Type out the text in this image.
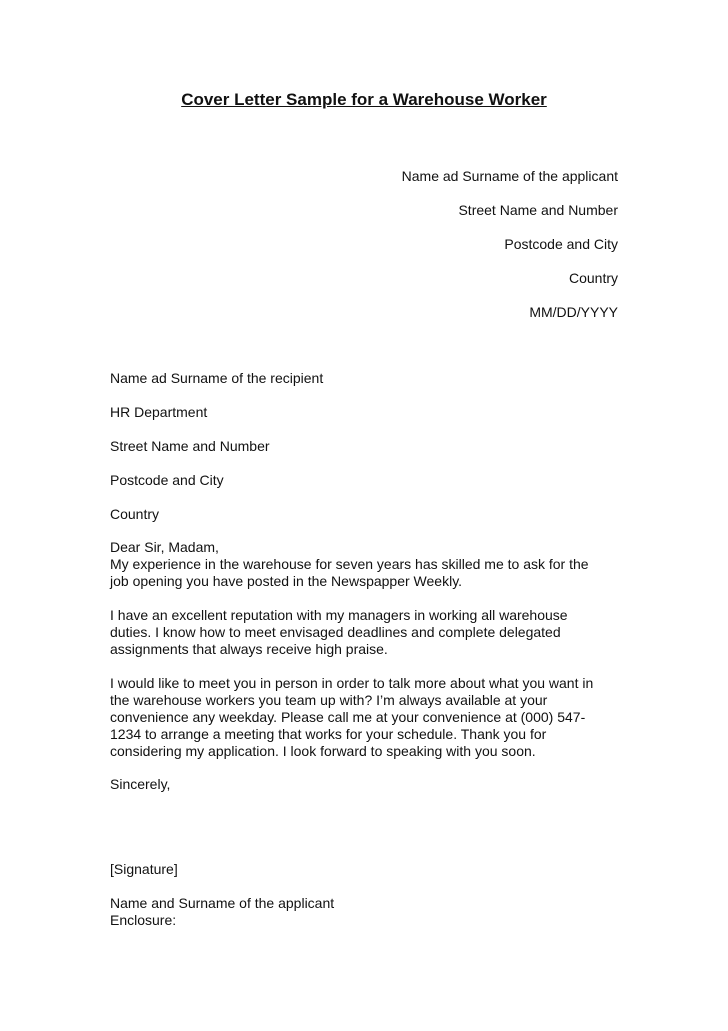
Cover Letter Sample for a Warehouse Worker
Name ad Surname of the applicant
Street Name and Number
Postcode and City
Country
MM/DD/YYYY
Name ad Surname of the recipient
HR Department
Street Name and Number
Postcode and City
Country
Dear Sir, Madam,
My experience in the warehouse for seven years has skilled me to ask for the
job opening you have posted in the Newspapper Weekly.
I have an excellent reputation with my managers in working all warehouse
duties. I know how to meet envisaged deadlines and complete delegated
assignments that always receive high praise.
I would like to meet you in person in order to talk more about what you want in
the warehouse workers you team up with? I’m always available at your
convenience any weekday. Please call me at your convenience at (000) 547-
1234 to arrange a meeting that works for your schedule. Thank you for
considering my application. I look forward to speaking with you soon.
Sincerely,
[Signature]
Name and Surname of the applicant
Enclosure:
